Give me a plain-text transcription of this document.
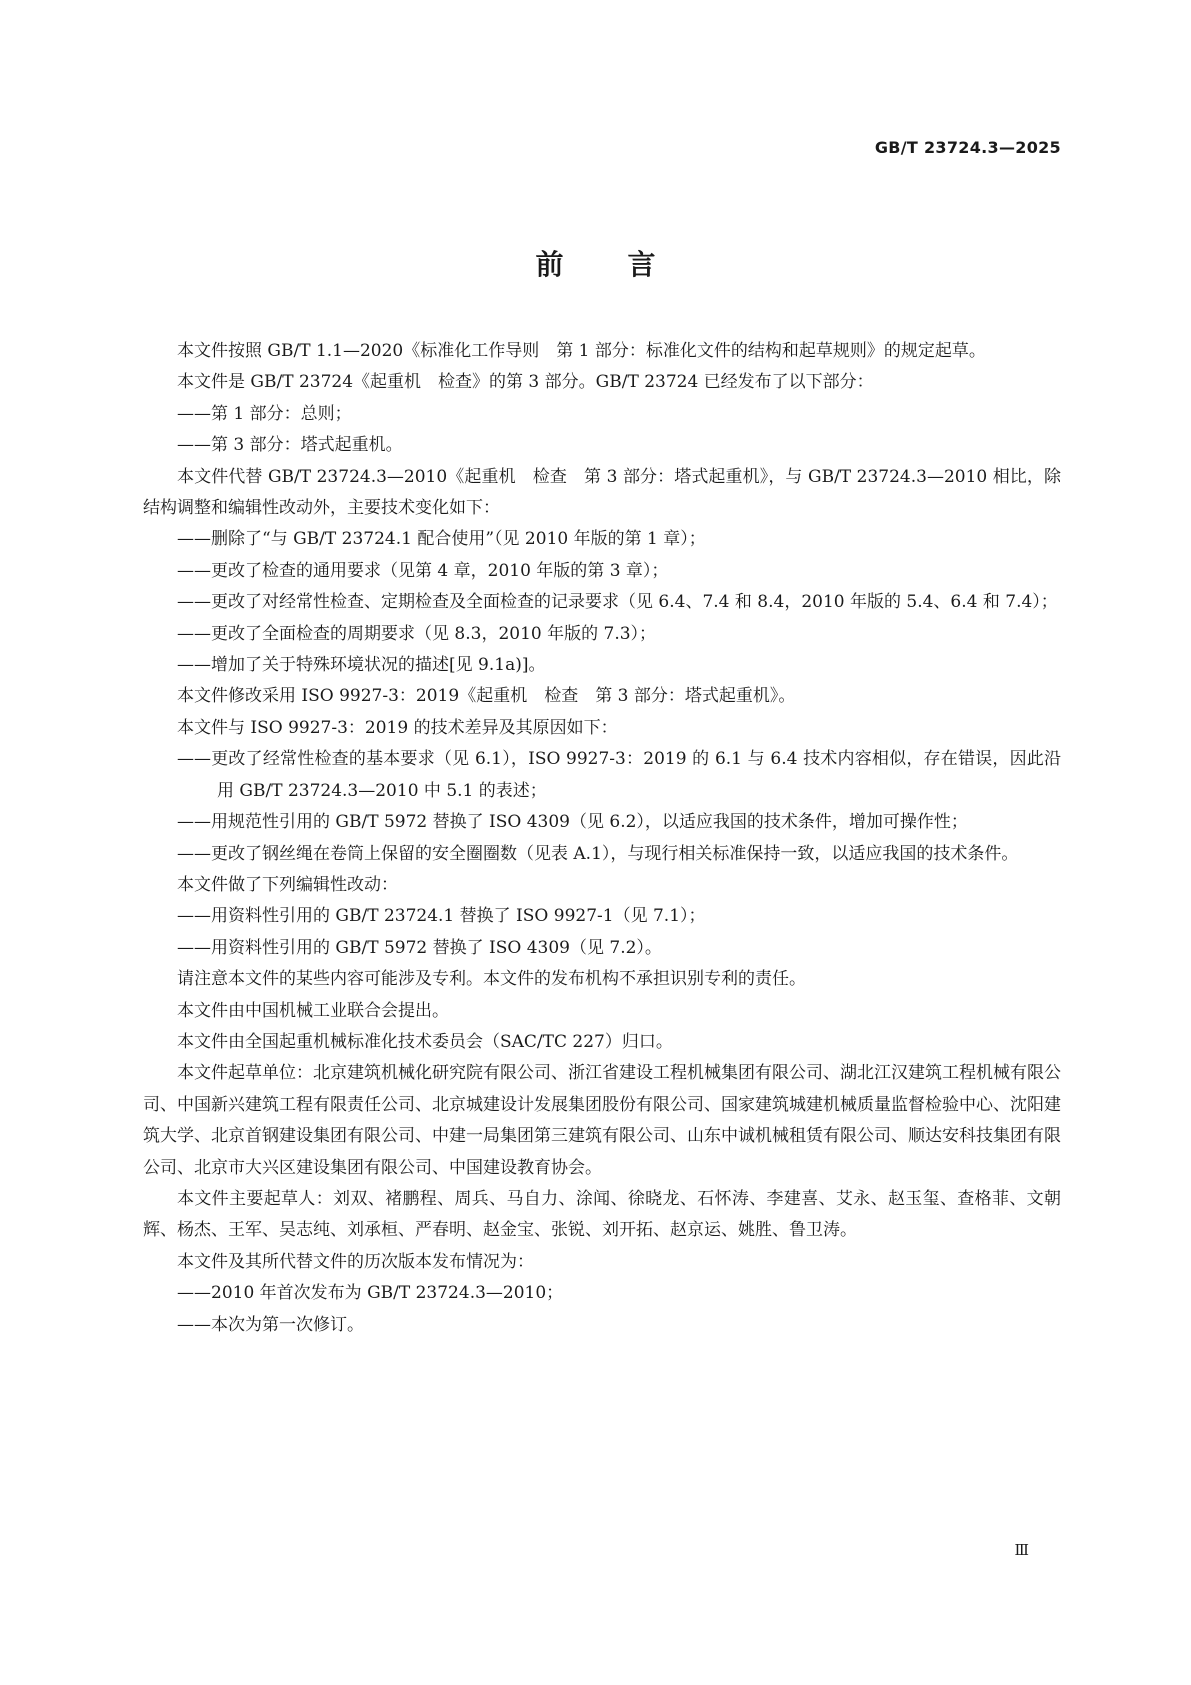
GB/T 23724.3—2025
前言

本文件按照 GB/T 1.1—2020《标准化工作导则　第 1 部分：标准化文件的结构和起草规则》的规定起草。

本文件是 GB/T 23724《起重机　检查》的第 3 部分。GB/T 23724 已经发布了以下部分：

——第 1 部分：总则；

——第 3 部分：塔式起重机。

本文件代替 GB/T 23724.3—2010《起重机　检查　第 3 部分：塔式起重机》，与 GB/T 23724.3—2010 相比，除结构调整和编辑性改动外，主要技术变化如下：

——删除了“与 GB/T 23724.1 配合使用”（见 2010 年版的第 1 章）；

——更改了检查的通用要求（见第 4 章，2010 年版的第 3 章）；

——更改了对经常性检查、定期检查及全面检查的记录要求（见 6.4、7.4 和 8.4，2010 年版的 5.4、6.4 和 7.4）；

——更改了全面检查的周期要求（见 8.3，2010 年版的 7.3）；

——增加了关于特殊环境状况的描述[见 9.1a)]。

本文件修改采用 ISO 9927-3：2019《起重机　检查　第 3 部分：塔式起重机》。

本文件与 ISO 9927-3：2019 的技术差异及其原因如下：

——更改了经常性检查的基本要求（见 6.1），ISO 9927-3：2019 的 6.1 与 6.4 技术内容相似，存在错误，因此沿用 GB/T 23724.3—2010 中 5.1 的表述；

——用规范性引用的 GB/T 5972 替换了 ISO 4309（见 6.2），以适应我国的技术条件，增加可操作性；

——更改了钢丝绳在卷筒上保留的安全圈圈数（见表 A.1），与现行相关标准保持一致，以适应我国的技术条件。

本文件做了下列编辑性改动：

——用资料性引用的 GB/T 23724.1 替换了 ISO 9927-1（见 7.1）；

——用资料性引用的 GB/T 5972 替换了 ISO 4309（见 7.2）。

请注意本文件的某些内容可能涉及专利。本文件的发布机构不承担识别专利的责任。

本文件由中国机械工业联合会提出。

本文件由全国起重机械标准化技术委员会（SAC/TC 227）归口。

本文件起草单位：北京建筑机械化研究院有限公司、浙江省建设工程机械集团有限公司、湖北江汉建筑工程机械有限公司、中国新兴建筑工程有限责任公司、北京城建设计发展集团股份有限公司、国家建筑城建机械质量监督检验中心、沈阳建筑大学、北京首钢建设集团有限公司、中建一局集团第三建筑有限公司、山东中诚机械租赁有限公司、顺达安科技集团有限公司、北京市大兴区建设集团有限公司、中国建设教育协会。

本文件主要起草人：刘双、褚鹏程、周兵、马自力、涂闻、徐晓龙、石怀涛、李建喜、艾永、赵玉玺、查格菲、文朝辉、杨杰、王军、吴志纯、刘承桓、严春明、赵金宝、张锐、刘开拓、赵京运、姚胜、鲁卫涛。

本文件及其所代替文件的历次版本发布情况为：

——2010 年首次发布为 GB/T 23724.3—2010；

——本次为第一次修订。

Ⅲ
